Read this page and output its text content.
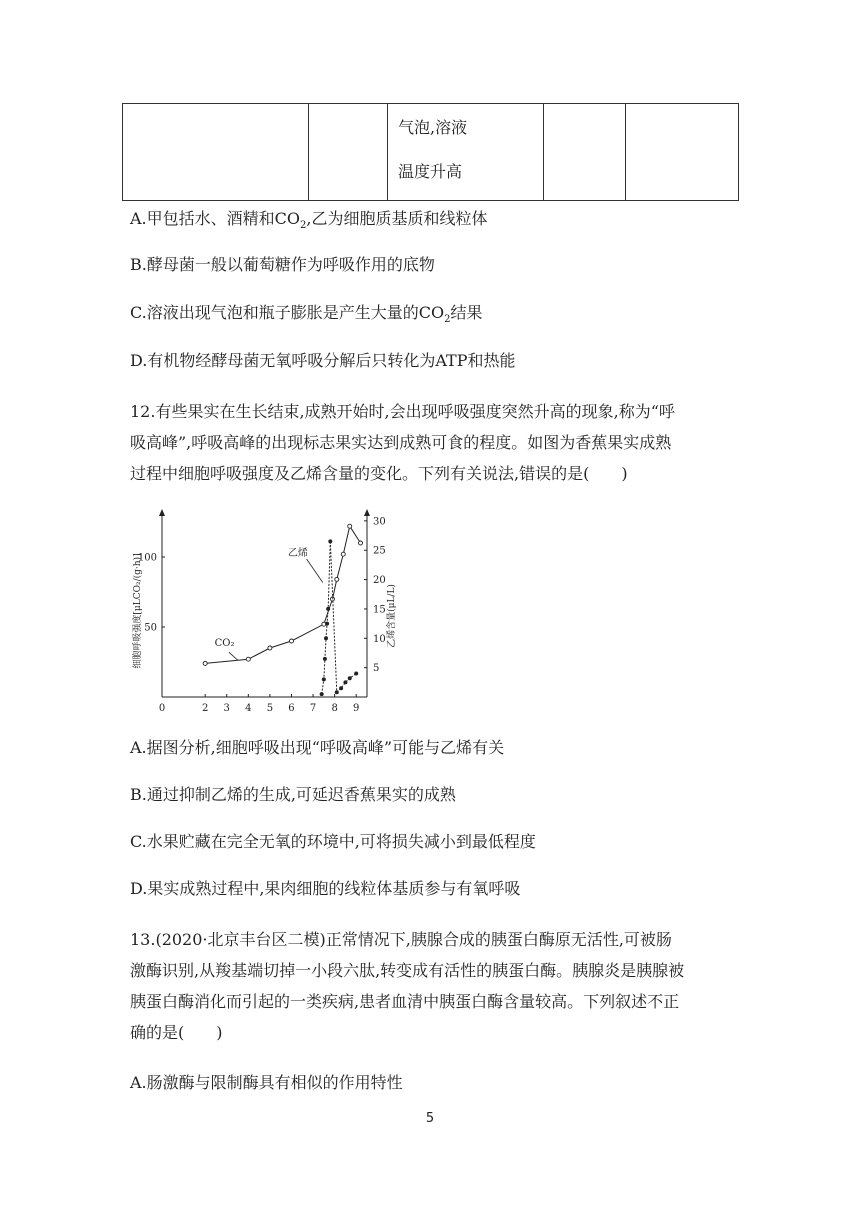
气泡,溶液
温度升高

A.甲包括水、酒精和$CO_2$,乙为细胞质基质和线粒体
B.酵母菌一般以葡萄糖作为呼吸作用的底物
C.溶液出现气泡和瓶子膨胀是产生大量的$CO_2$结果
D.有机物经酵母菌无氧呼吸分解后只转化为ATP和热能
12.有些果实在生长结束,成熟开始时,会出现呼吸强度突然升高的现象,称为“呼
吸高峰”,呼吸高峰的出现标志果实达到成熟可食的程度。如图为香蕉果实成熟
过程中细胞呼吸强度及乙烯含量的变化。下列有关说法,错误的是(　　)
0	2 3 4 5 6 7 8 9
50
100
5
10
15
20
25
30
细胞呼吸强度[μLCO₂/(g·h)]	乙烯含量(μL/L)
CO₂
乙烯
A.据图分析,细胞呼吸出现“呼吸高峰”可能与乙烯有关
B.通过抑制乙烯的生成,可延迟香蕉果实的成熟
C.水果贮藏在完全无氧的环境中,可将损失减小到最低程度
D.果实成熟过程中,果肉细胞的线粒体基质参与有氧呼吸
13.(2020·北京丰台区二模)正常情况下,胰腺合成的胰蛋白酶原无活性,可被肠
激酶识别,从羧基端切掉一小段六肽,转变成有活性的胰蛋白酶。胰腺炎是胰腺被
胰蛋白酶消化而引起的一类疾病,患者血清中胰蛋白酶含量较高。下列叙述不正
确的是(　　)
A.肠激酶与限制酶具有相似的作用特性
5
